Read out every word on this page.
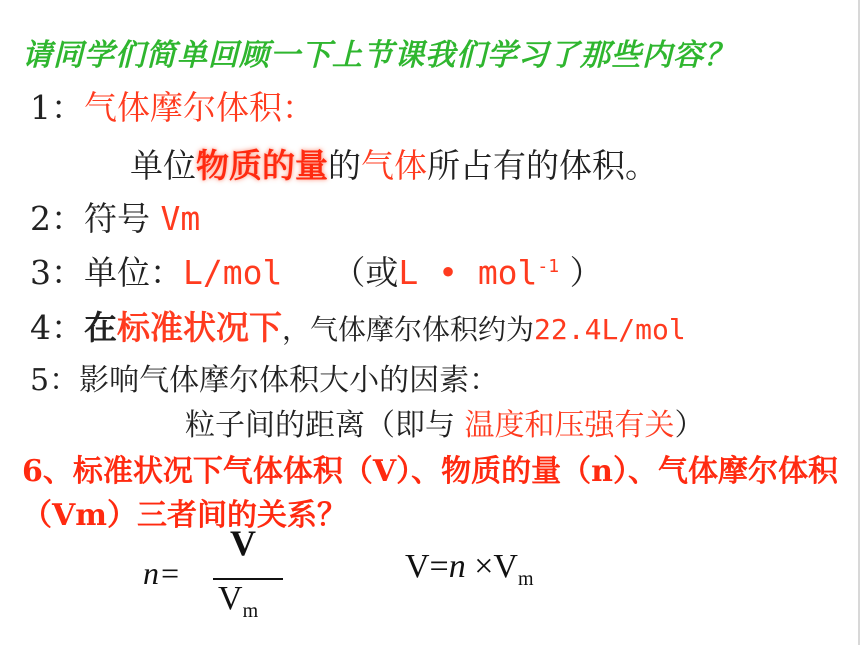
请同学们简单回顾一下上节课我们学习了那些内容？
1：气体摩尔体积：
单位物质的量的气体所占有的体积。
2：符号 Vm
3：单位：L/mol （或L • mol$^{-1}$ ）
4：在标准状况下，气体摩尔体积约为22.4L/mol
5：影响气体摩尔体积大小的因素：
粒子间的距离（即与 温度和压强有关）
6、标准状况下气体体积（V）、物质的量（n）、气体摩尔体积（Vm）三者间的关系？
n=
V
$V_m$
$V=n \times V_m$
